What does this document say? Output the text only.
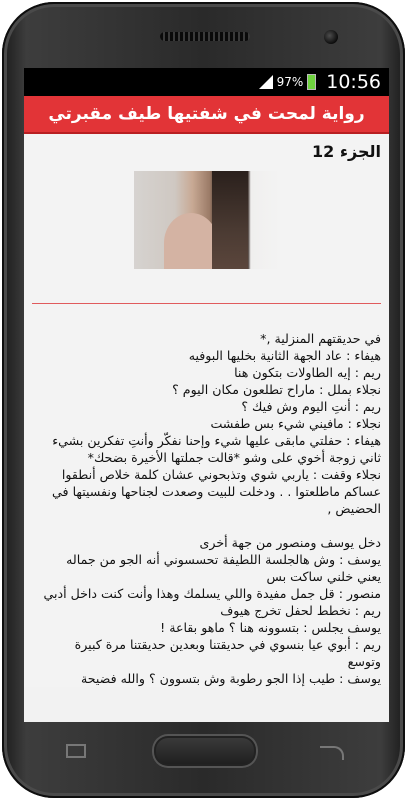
97% 10:56
رواية لمحت في شفتيها طيف مقبرتي

الجزء 12

في حديقتهم المنزلية ,*
هيفاء : عاد الجهة الثانية بخليها البوفيه
ريم : إيه الطاولات بتكون هنا
نجلاء بملل : ماراح تطلعون مكان اليوم ؟
ريم : أنتِ اليوم وش فيك ؟
نجلاء : مافيني شيء بس طفشت
هيفاء : حفلتي مابقى عليها شيء وإحنا نفكّر وأنتِ تفكرين بشيء
ثاني زوجة أخوي على وشو *قالت جملتها الأخيرة بضحك*
نجلاء وقفت : ياربي شوي وتذبحوني عشان كلمة خلاص أنطقوا
عساكم ماطلعتوا . . ودخلت للبيت وصعدت لجناحها ونفسيتها في الحضيض ,

دخل يوسف ومنصور من جهة أخرى
يوسف : وش هالجلسة اللطيفة تحسسوني أنه الجو من جماله
يعني خلني ساكت بس
منصور : قل جمل مفيدة واللي يسلمك وهذا وأنت كنت داخل أدبي
ريم : نخطط لحفل تخرج هيوف
يوسف يجلس : بتسوونه هنا ؟ ماهو بقاعة !
ريم : أبوي عيا بنسوي في حديقتنا وبعدين حديقتنا مرة كبيرة
وتوسع
يوسف : طيب إذا الجو رطوبة وش بتسوون ؟ والله فضيحة
